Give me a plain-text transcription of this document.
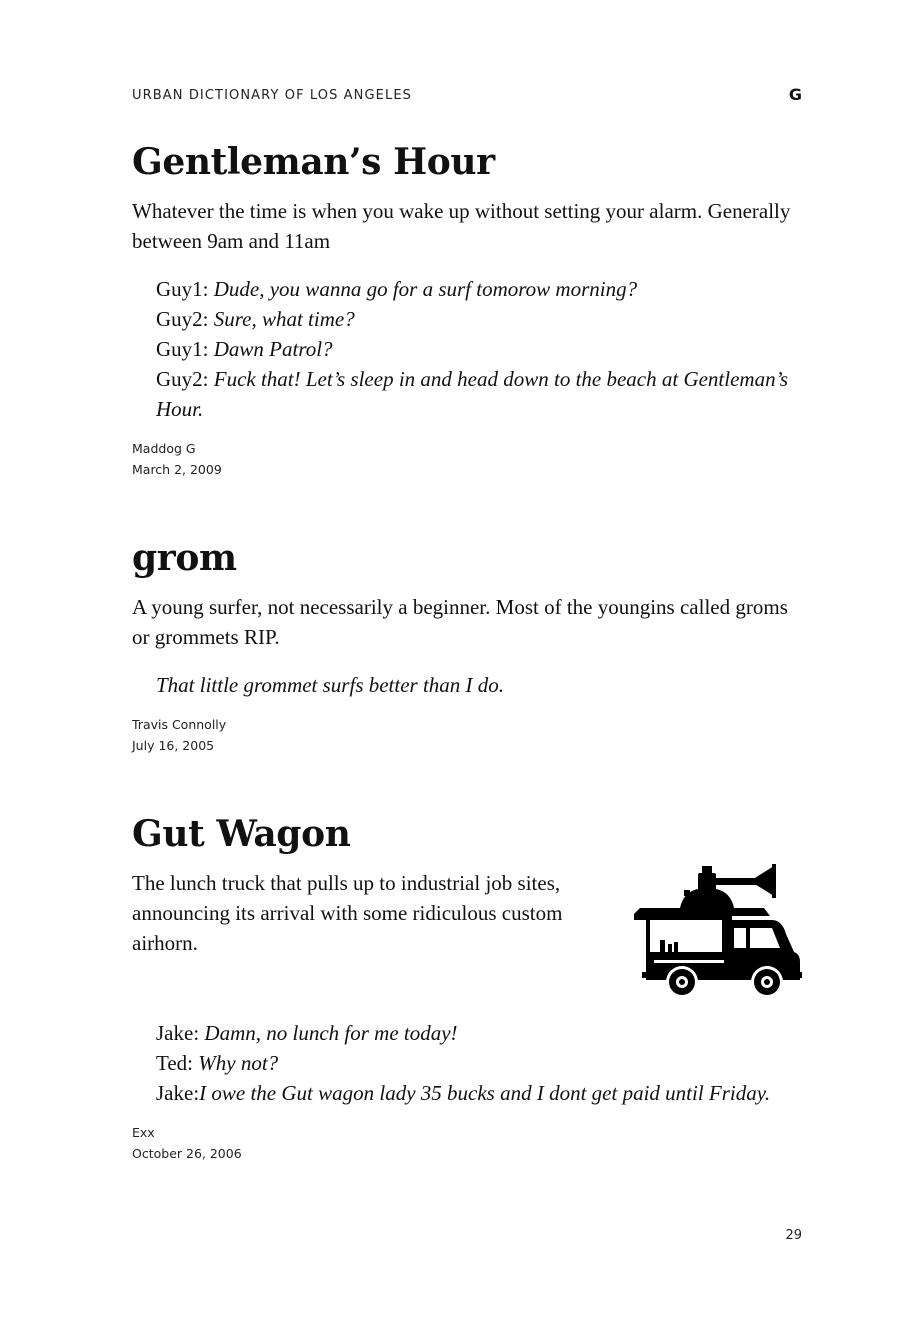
URBAN DICTIONARY OF LOS ANGELES	G
Gentleman’s Hour

Whatever the time is when you wake up without setting your alarm. Generally between 9am and 11am

Guy1: Dude, you wanna go for a surf tomorow morning?
Guy2: Sure, what time?
Guy1: Dawn Patrol?
Guy2: Fuck that! Let’s sleep in and head down to the beach at Gentleman’s Hour.
Maddog G
March 2, 2009
grom

A young surfer, not necessarily a beginner. Most of the youngins called groms or grommets RIP.

That little grommet surfs better than I do.
Travis Connolly
July 16, 2005
Gut Wagon

The lunch truck that pulls up to industrial job sites, announcing its arrival with some ridiculous custom airhorn.

Jake: Damn, no lunch for me today!
Ted: Why not?
Jake:I owe the Gut wagon lady 35 bucks and I dont get paid until Friday.
Exx
October 26, 2006
29
